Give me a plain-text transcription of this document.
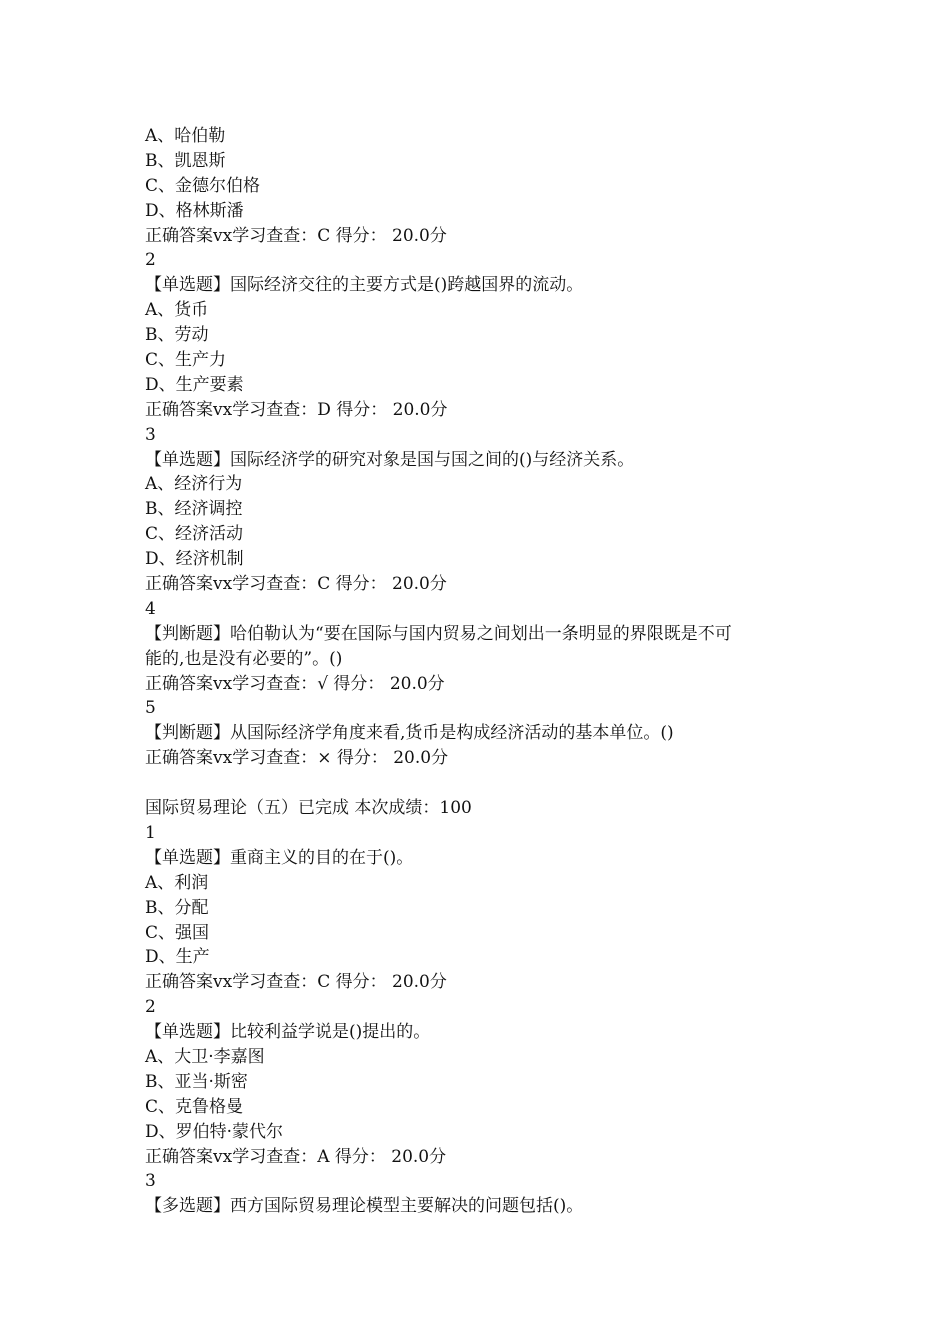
A、哈伯勒
B、凯恩斯
C、金德尔伯格
D、格林斯潘
正确答案vx学习查查：C 得分： 20.0分
2
【单选题】国际经济交往的主要方式是()跨越国界的流动。
A、货币
B、劳动
C、生产力
D、生产要素
正确答案vx学习查查：D 得分： 20.0分
3
【单选题】国际经济学的研究对象是国与国之间的()与经济关系。
A、经济行为
B、经济调控
C、经济活动
D、经济机制
正确答案vx学习查查：C 得分： 20.0分
4
【判断题】哈伯勒认为“要在国际与国内贸易之间划出一条明显的界限既是不可
能的,也是没有必要的”。()
正确答案vx学习查查：√ 得分： 20.0分
5
【判断题】从国际经济学角度来看,货币是构成经济活动的基本单位。()
正确答案vx学习查查：× 得分： 20.0分
国际贸易理论（五）已完成 本次成绩：100
1
【单选题】重商主义的目的在于()。
A、利润
B、分配
C、强国
D、生产
正确答案vx学习查查：C 得分： 20.0分
2
【单选题】比较利益学说是()提出的。
A、大卫·李嘉图
B、亚当·斯密
C、克鲁格曼
D、罗伯特·蒙代尔
正确答案vx学习查查：A 得分： 20.0分
3
【多选题】西方国际贸易理论模型主要解决的问题包括()。
